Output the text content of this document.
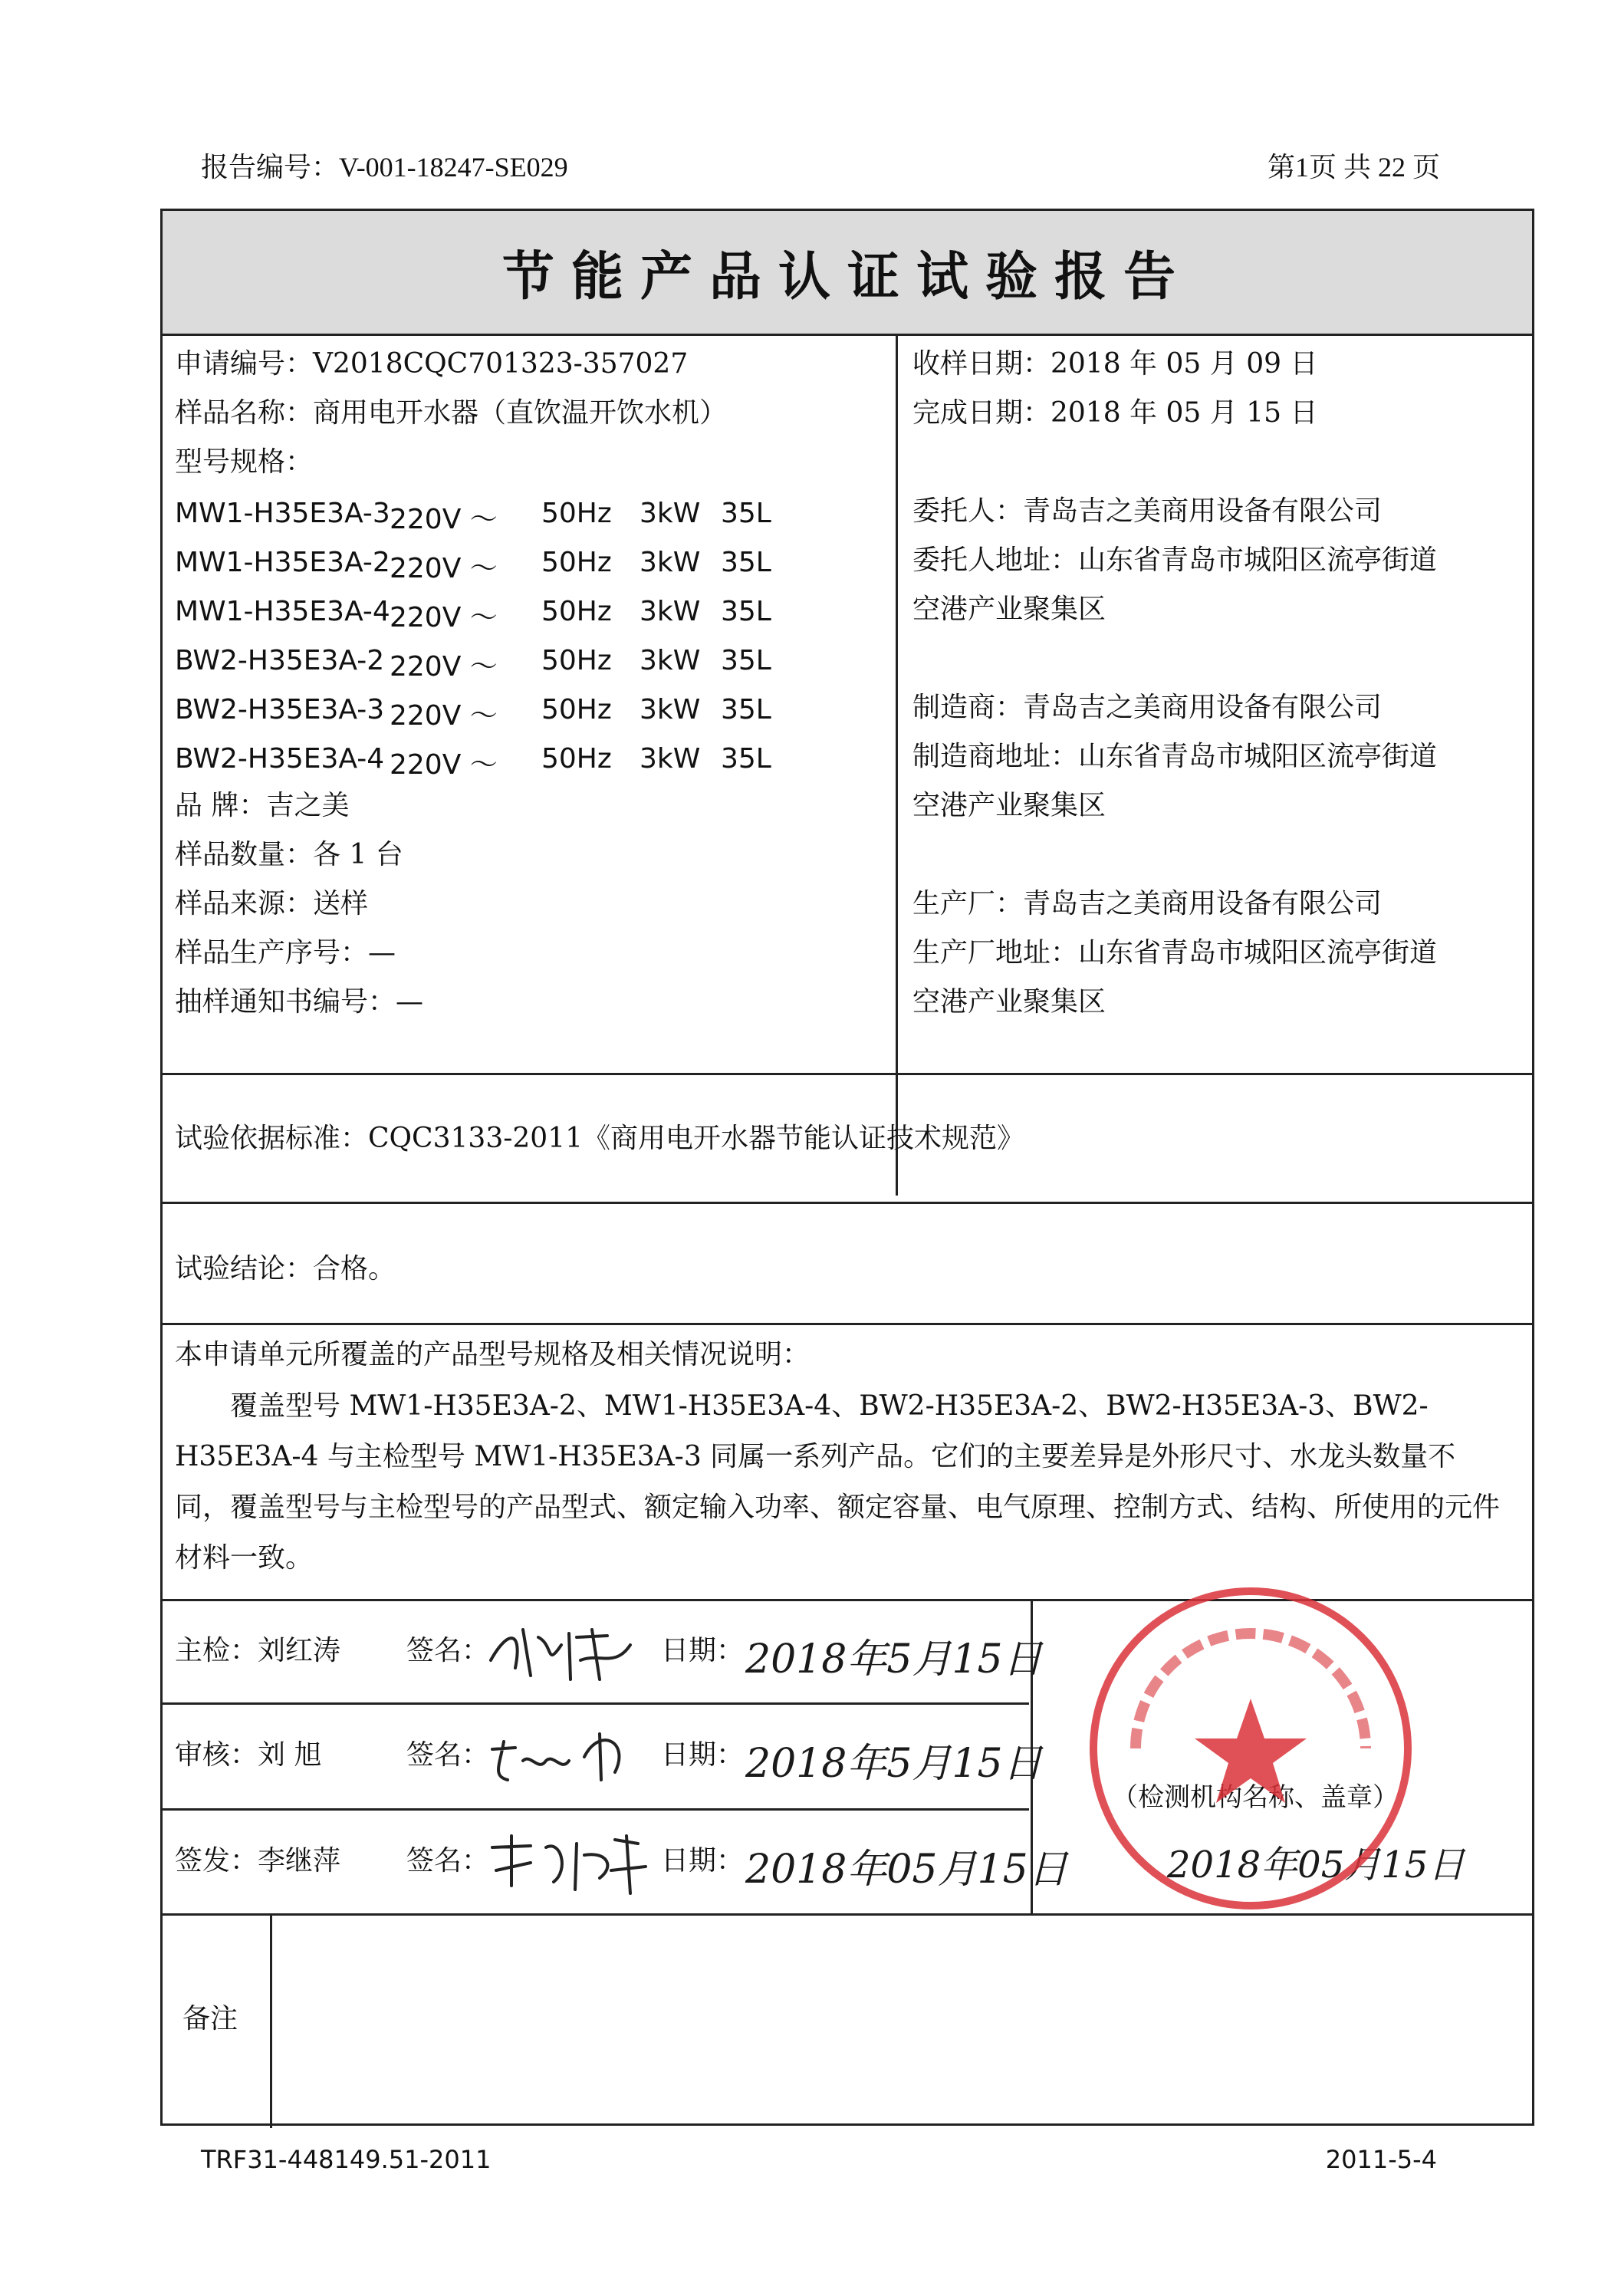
报告编号：V-001-18247-SE029	第1页 共 22 页
节能产品认证试验报告
申请编号：V2018CQC701323-357027
样品名称：商用电开水器（直饮温开饮水机）
型号规格：
MW1-H35E3A-3 220V ～ 50Hz 3kW 35L
MW1-H35E3A-2 220V ～ 50Hz 3kW 35L
MW1-H35E3A-4 220V ～ 50Hz 3kW 35L
BW2-H35E3A-2 220V ～ 50Hz 3kW 35L
BW2-H35E3A-3 220V ～ 50Hz 3kW 35L
BW2-H35E3A-4 220V ～ 50Hz 3kW 35L
品 牌：吉之美
样品数量：各 1 台
样品来源：送样
样品生产序号：—
抽样通知书编号：—
收样日期：2018 年 05 月 09 日
完成日期：2018 年 05 月 15 日
委托人：青岛吉之美商用设备有限公司
委托人地址：山东省青岛市城阳区流亭街道
空港产业聚集区
制造商：青岛吉之美商用设备有限公司
制造商地址：山东省青岛市城阳区流亭街道
空港产业聚集区
生产厂：青岛吉之美商用设备有限公司
生产厂地址：山东省青岛市城阳区流亭街道
空港产业聚集区
试验依据标准：CQC3133-2011《商用电开水器节能认证技术规范》
试验结论：合格。
本申请单元所覆盖的产品型号规格及相关情况说明：

覆盖型号 MW1-H35E3A-2、MW1-H35E3A-4、BW2-H35E3A-2、BW2-H35E3A-3、BW2-H35E3A-4 与主检型号 MW1-H35E3A-3 同属一系列产品。它们的主要差异是外形尺寸、水龙头数量不同，覆盖型号与主检型号的产品型式、额定输入功率、额定容量、电气原理、控制方式、结构、所使用的元件材料一致。

主检：刘红涛 签名：	日期： 2018年5月15日
审核：刘 旭	签名：	日期： 2018年5月15日
签发：李继萍 签名：	日期： 2018年05月15日
（检测机构名称、盖章）
2018年05月15日
备注
TRF31-448149.51-2011	2011-5-4
